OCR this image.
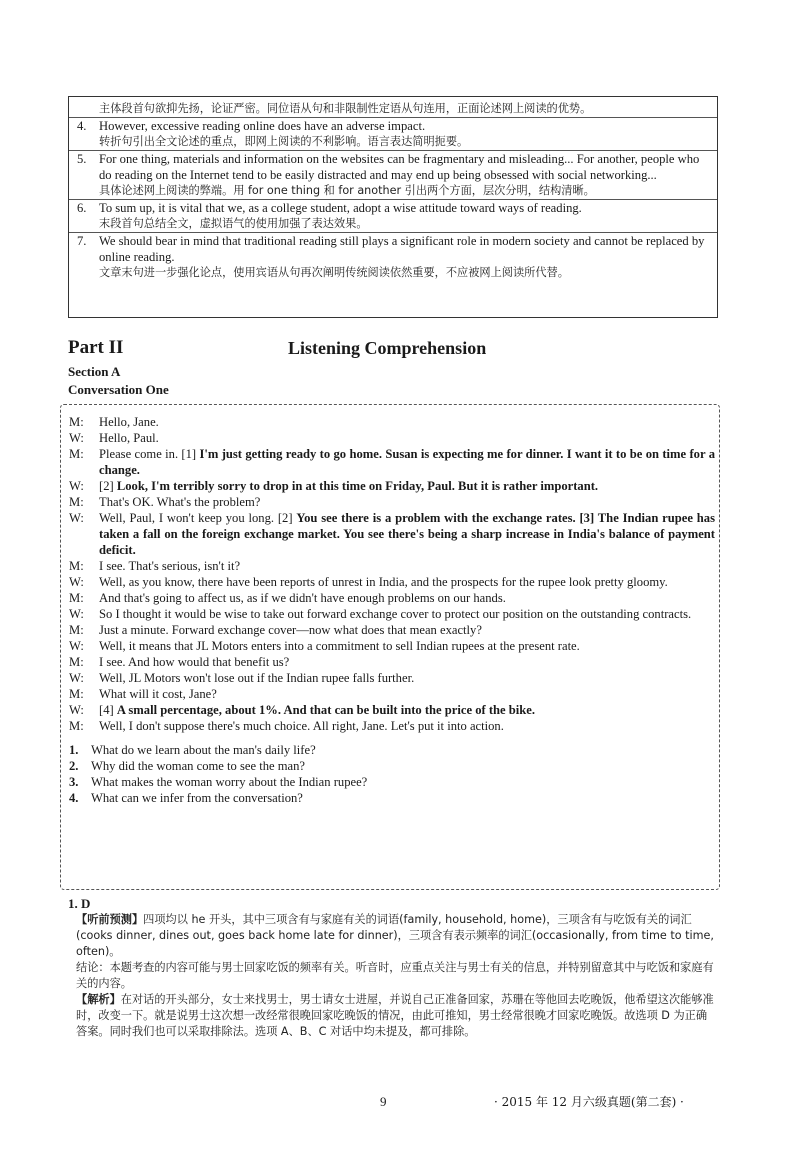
主体段首句欲抑先扬，论证严密。同位语从句和非限制性定语从句连用，正面论述网上阅读的优势。
4. However, excessive reading online does have an adverse impact.
转折句引出全文论述的重点，即网上阅读的不利影响。语言表达简明扼要。
5. For one thing, materials and information on the websites can be fragmentary and misleading... For another, people who do reading on the Internet tend to be easily distracted and may end up being obsessed with social networking...
具体论述网上阅读的弊端。用 for one thing 和 for another 引出两个方面，层次分明，结构清晰。
6. To sum up, it is vital that we, as a college student, adopt a wise attitude toward ways of reading.
末段首句总结全文，虚拟语气的使用加强了表达效果。
7. We should bear in mind that traditional reading still plays a significant role in modern society and cannot be replaced by online reading.
文章末句进一步强化论点，使用宾语从句再次阐明传统阅读依然重要，不应被网上阅读所代替。
Part II	Listening Comprehension
Section A
Conversation One
M:	Hello, Jane.
W:	Hello, Paul.
M:	Please come in. [1] I'm just getting ready to go home. Susan is expecting me for dinner. I want it to be on time for a change.
W:	[2] Look, I'm terribly sorry to drop in at this time on Friday, Paul. But it is rather important.
M:	That's OK. What's the problem?
W:	Well, Paul, I won't keep you long. [2] You see there is a problem with the exchange rates. [3] The Indian rupee has taken a fall on the foreign exchange market. You see there's being a sharp increase in India's balance of payment deficit.
M:	I see. That's serious, isn't it?
W:	Well, as you know, there have been reports of unrest in India, and the prospects for the rupee look pretty gloomy.
M:	And that's going to affect us, as if we didn't have enough problems on our hands.
W:	So I thought it would be wise to take out forward exchange cover to protect our position on the outstanding contracts.
M:	Just a minute. Forward exchange cover—now what does that mean exactly?
W:	Well, it means that JL Motors enters into a commitment to sell Indian rupees at the present rate.
M:	I see. And how would that benefit us?
W:	Well, JL Motors won't lose out if the Indian rupee falls further.
M:	What will it cost, Jane?
W:	[4] A small percentage, about 1%. And that can be built into the price of the bike.
M:	Well, I don't suppose there's much choice. All right, Jane. Let's put it into action.
1. What do we learn about the man's daily life?
2. Why did the woman come to see the man?
3. What makes the woman worry about the Indian rupee?
4. What can we infer from the conversation?
1. D

【听前预测】四项均以 he 开头，其中三项含有与家庭有关的词语(family, household, home)，三项含有与吃饭有关的词汇(cooks dinner, dines out, goes back home late for dinner)，三项含有表示频率的词汇(occasionally, from time to time, often)。

结论：本题考查的内容可能与男士回家吃饭的频率有关。听音时，应重点关注与男士有关的信息，并特别留意其中与吃饭和家庭有关的内容。

【解析】在对话的开头部分，女士来找男士，男士请女士进屋，并说自己正准备回家，苏珊在等他回去吃晚饭，他希望这次能够准时，改变一下。就是说男士这次想一改经常很晚回家吃晚饭的情况，由此可推知，男士经常很晚才回家吃晚饭。故选项 D 为正确答案。同时我们也可以采取排除法。选项 A、B、C 对话中均未提及，都可排除。

9	· 2015 年 12 月六级真题(第二套) ·
